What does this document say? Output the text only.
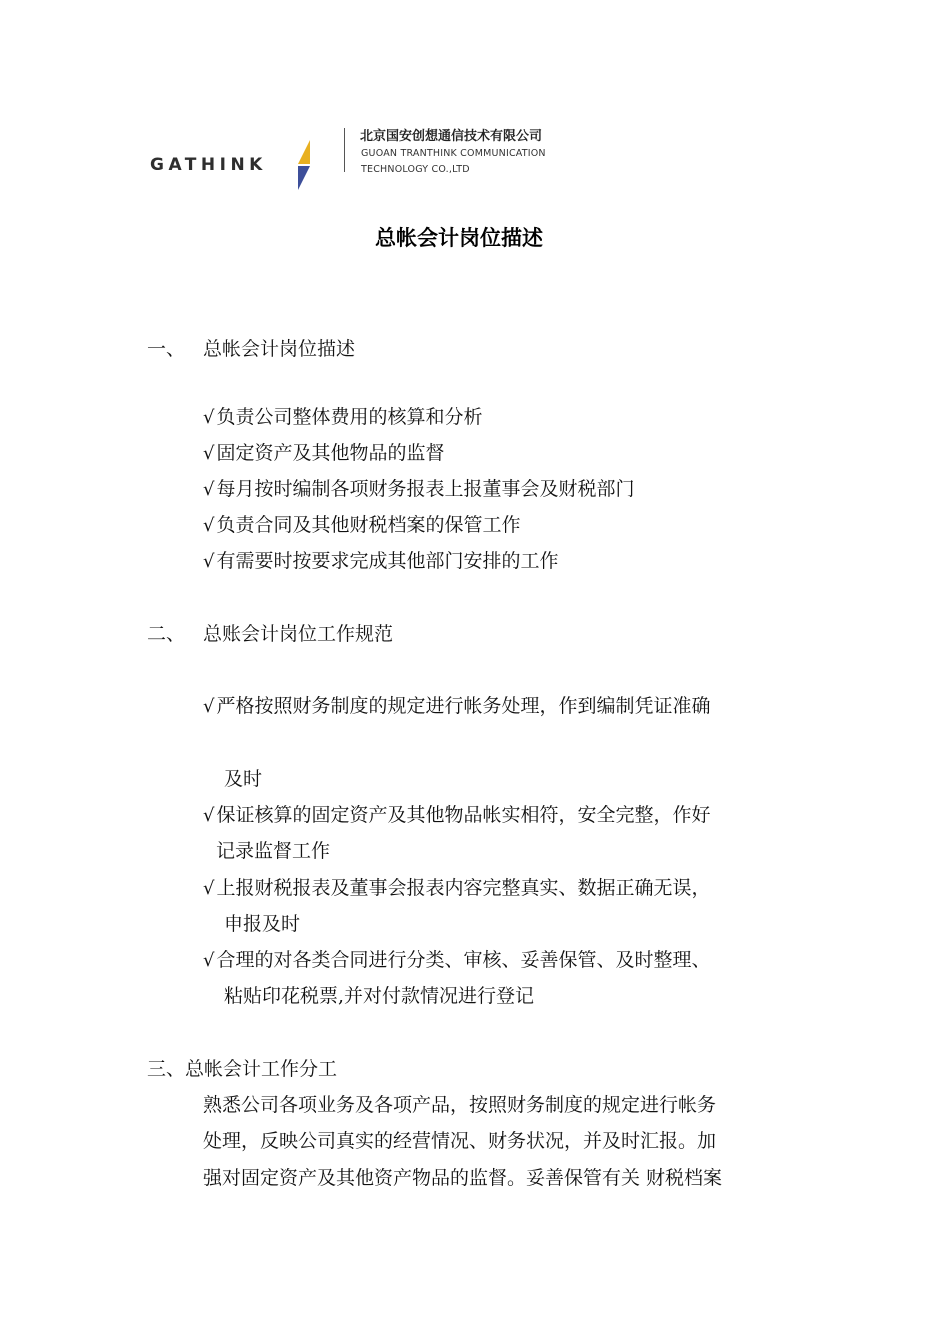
GATHINK
北京国安创想通信技术有限公司
GUOAN TRANTHINK COMMUNICATION
TECHNOLOGY CO.,LTD
总帐会计岗位描述
一、 总帐会计岗位描述
√ 负责公司整体费用的核算和分析
√ 固定资产及其他物品的监督
√ 每月按时编制各项财务报表上报董事会及财税部门
√ 负责合同及其他财税档案的保管工作
√ 有需要时按要求完成其他部门安排的工作
二、 总账会计岗位工作规范
√ 严格按照财务制度的规定进行帐务处理，作到编制凭证准确
及时
√ 保证核算的固定资产及其他物品帐实相符，安全完整，作好
记录监督工作
√ 上报财税报表及董事会报表内容完整真实、数据正确无误，
申报及时
√ 合理的对各类合同进行分类、审核、妥善保管、及时整理、
粘贴印花税票,并对付款情况进行登记
三、总帐会计工作分工
熟悉公司各项业务及各项产品，按照财务制度的规定进行帐务
处理，反映公司真实的经营情况、财务状况，并及时汇报。加
强对固定资产及其他资产物品的监督。妥善保管有关 财税档案
